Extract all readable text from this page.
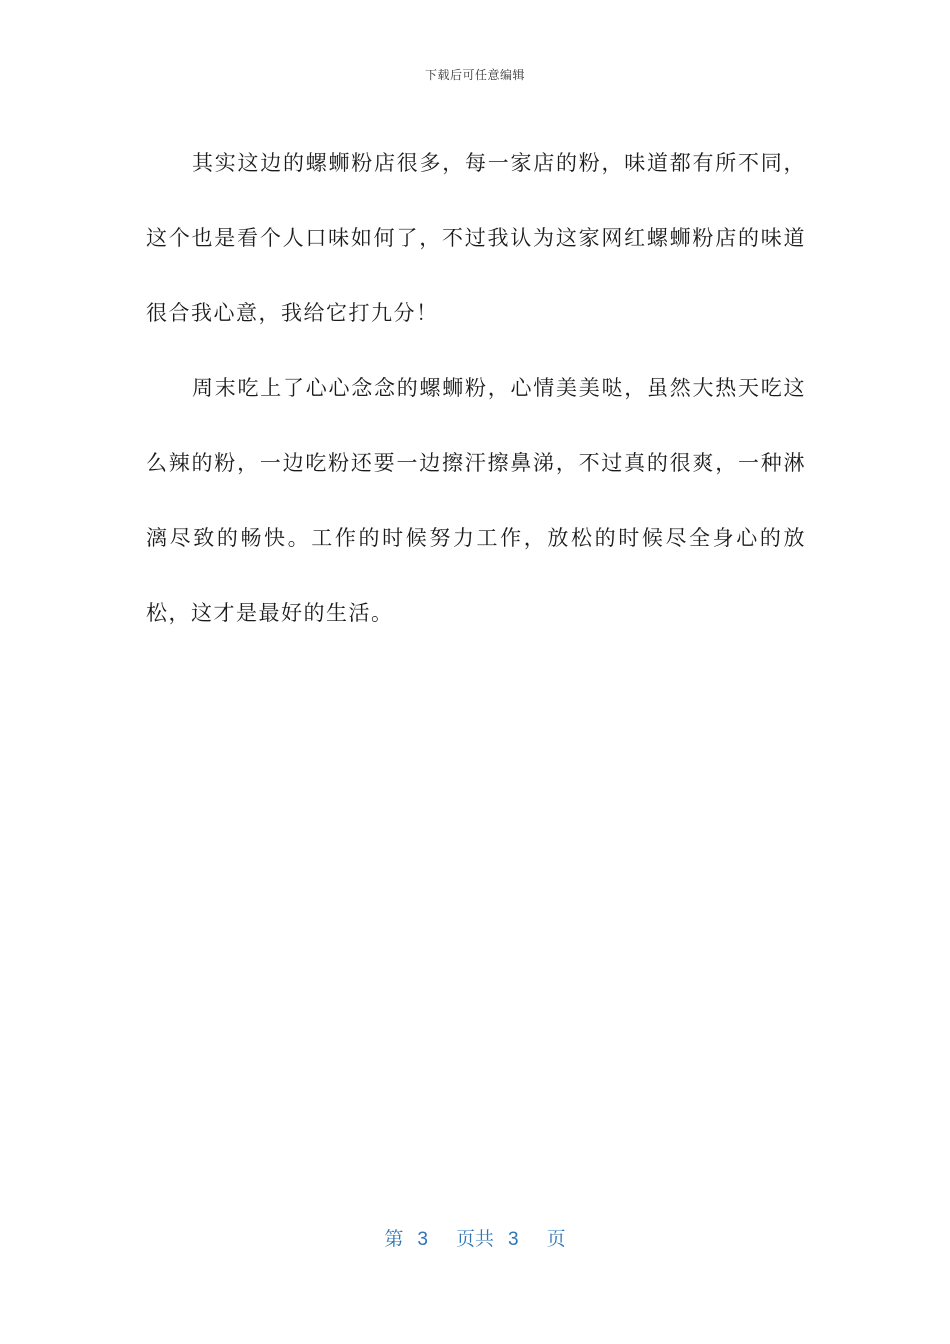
下载后可任意编辑

其实这边的螺蛳粉店很多，每一家店的粉，味道都有所不同，这个也是看个人口味如何了，不过我认为这家网红螺蛳粉店的味道很合我心意，我给它打九分！

周末吃上了心心念念的螺蛳粉，心情美美哒，虽然大热天吃这么辣的粉，一边吃粉还要一边擦汗擦鼻涕，不过真的很爽，一种淋漓尽致的畅快。工作的时候努力工作，放松的时候尽全身心的放松，这才是最好的生活。

第 3 页共 3 页
